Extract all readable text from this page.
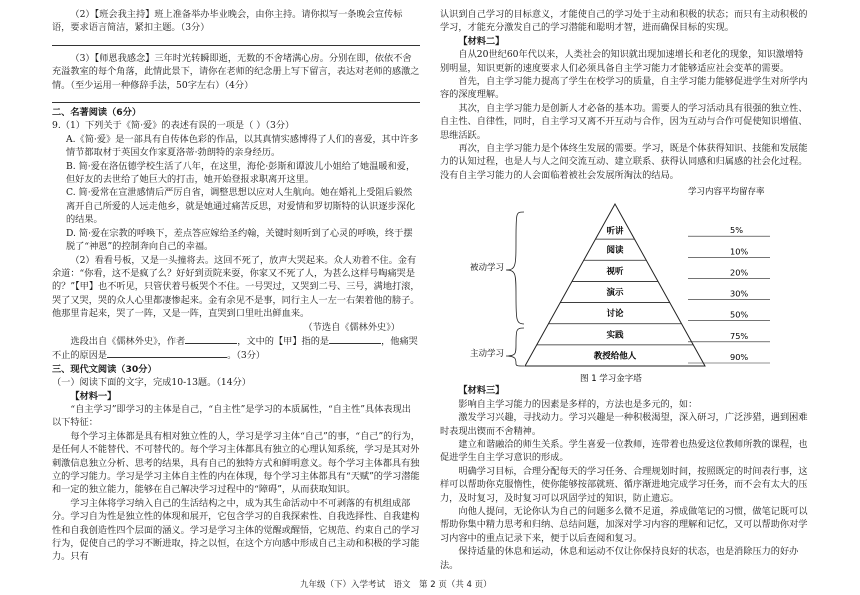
（2）【班会我主持】班上准备举办毕业晚会，由你主持。请你拟写一条晚会宣传标语，要求语言简洁，紧扣主题。（3分）

（3）【师恩我感念】三年时光转瞬即逝，无数的不舍堵满心房。分别在即，依依不舍充溢教室的每个角落，此情此景下，请你在老师的纪念册上写下留言，表达对老师的感激之情。（至少运用一种修辞手法，50字左右）（4分）

二、名著阅读（6分）

9.（1）下列关于《简·爱》的表述有误的一项是（ ）（3分）

A.《简·爱》是一部具有自传体色彩的作品，以其真情实感博得了人们的喜爱，其中许多情节都取材于英国女作家夏洛蒂·勃朗特的亲身经历。

B. 简·爱在洛伍德学校生活了八年，在这里，海伦·彭斯和谭波儿小姐给了她温暖和爱，但好友的去世给了她巨大的打击，她开始登报求职离开这里。

C. 简·爱常在宣泄感情后严厉自省，调整思想以应对人生航向。她在婚礼上受阻后毅然离开自己所爱的人远走他乡，就是她通过痛苦反思，对爱情和罗切斯特的认识逐步深化的结果。

D. 简·爱在宗教的呼唤下，差点答应嫁给圣约翰，关键时刻听到了心灵的呼唤，终于摆脱了“神恩”的控制奔向自己的幸福。

（2）看看号板，又是一头撞将去。这回不死了，放声大哭起来。众人劝着不住。金有余道：“你看，这不是疯了么？好好到贡院来耍，你家又不死了人，为甚么这样号啕痛哭是的？”【甲】也不听见，只管伏着号板哭个不住。一号哭过，又哭到二号、三号，满地打滚，哭了又哭，哭的众人心里都凄惨起来。金有余见不是事，同行主人一左一右架着他的膀子。他那里肯起来，哭了一阵，又是一阵，直哭到口里吐出鲜血来。

（节选自《儒林外史》）

选段出自《儒林外史》，作者	，文中的【甲】指的是	，他痛哭不止的原因是	。（3分）

三、现代文阅读（30分）

（一）阅读下面的文字，完成10-13题。（14分）

【材料一】

“自主学习”即学习的主体是自己，“自主性”是学习的本质属性，“自主性”具体表现出以下特征：

每个学习主体都是具有相对独立性的人，学习是学习主体“自己”的事，“自己”的行为，是任何人不能替代、不可替代的。每个学习主体都具有独立的心理认知系统，学习是其对外刺激信息独立分析、思考的结果，具有自己的独特方式和鲜明意义。每个学习主体都具有独立的学习能力。学习是学习主体自主性的内在体现，每个学习主体都具有“天赋”的学习潜能和一定的独立能力，能够在自己解决学习过程中的“障碍”，从而获取知识。

学习主体将学习纳入自己的生活结构之中，成为其生命活动中不可剥落的有机组成部分。学习自为性是独立性的体现和展开，它包含学习的自我探索性、自我选择性、自我建构性和自我创造性四个层面的涵义。学习是学习主体的觉醒或醒悟，它规范、约束自己的学习行为，促使自己的学习不断进取，持之以恒，在这个方向感中形成自己主动和积极的学习能力。只有

认识到自己学习的目标意义，才能使自己的学习处于主动和积极的状态；而只有主动积极的学习，才能充分激发自己的学习潜能和聪明才智，进而确保目标的实现。

【材料二】

自从20世纪60年代以来，人类社会的知识就出现加速增长和老化的现象，知识激增特别明显，知识更新的速度要求人们必须具备自主学习能力才能够适应社会变革的需要。

首先，自主学习能力提高了学生在校学习的质量，自主学习能力能够促进学生对所学内容的深度理解。

其次，自主学习能力是创新人才必备的基本功。需要人的学习活动具有很强的独立性、自主性、自律性，同时，自主学习又离不开互动与合作，因为互动与合作可促使知识增值、思维活跃。

再次，自主学习能力是个体终生发展的需要。学习，既是个体获得知识、技能和发展能力的认知过程，也是人与人之间交流互动、建立联系、获得认同感和归属感的社会化过程。没有自主学习能力的人会面临着被社会发展所淘汰的结局。

学习内容平均留存率
听讲
阅读
视听
演示
讨论
实践
教授给他人
5%
10%
20%
30%
50%
75%
90%
被动学习
主动学习
图 1 学习金字塔

【材料三】

影响自主学习能力的因素是多样的，方法也是多元的，如：

激发学习兴趣，寻找动力。学习兴趣是一种积极渴望，深入研习，广泛涉猎，遇到困难时表现出锲而不舍精神。

建立和谐融洽的师生关系。学生喜爱一位教师，连带着也热爱这位教师所教的课程，也促进学生自主学习意识的形成。

明确学习目标，合理分配每天的学习任务、合理规划时间，按照既定的时间表行事，这样可以帮助你克服惰性，使你能够按部就班、循序渐进地完成学习任务，而不会有太大的压力，及时复习，及时复习可以巩固学过的知识，防止遗忘。

向他人提问，无论你认为自己的问题多么微不足道，养成做笔记的习惯，做笔记既可以帮助你集中精力思考和归纳、总结问题，加深对学习内容的理解和记忆，又可以帮助你对学习内容中的重点记录下来，便于以后查阅和复习。

保持适量的休息和运动，休息和运动不仅让你保持良好的状态，也是消除压力的好办法。

九年级（下）入学考试　语文　第 2 页（共 4 页）
